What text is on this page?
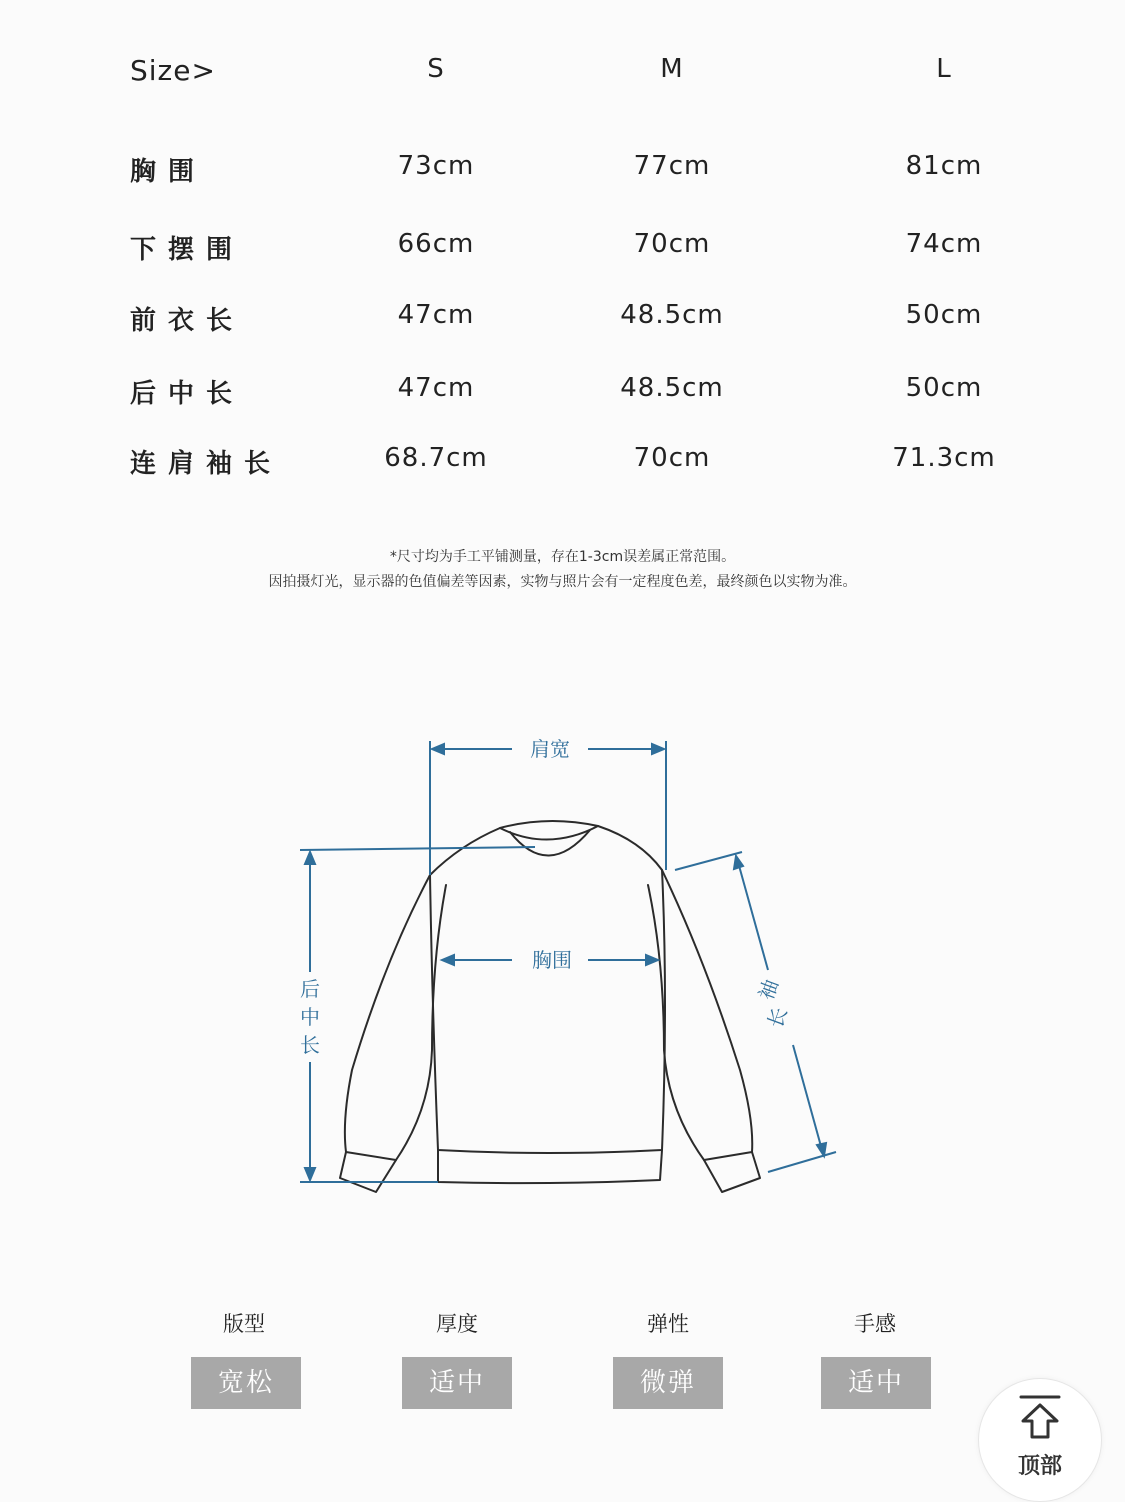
Size>	S	M	L
胸围	73cm	77cm	81cm
下摆围	66cm	70cm	74cm
前衣长	47cm	48.5cm	50cm
后中长	47cm	48.5cm	50cm
连肩袖长	68.7cm	70cm	71.3cm
*尺寸均为手工平铺测量，存在1-3cm误差属正常范围。
因拍摄灯光，显示器的色值偏差等因素，实物与照片会有一定程度色差，最终颜色以实物为准。
肩宽
胸围
后
中
长
袖
长
版型	厚度	弹性	手感
宽松	适中	微弹	适中
顶部
